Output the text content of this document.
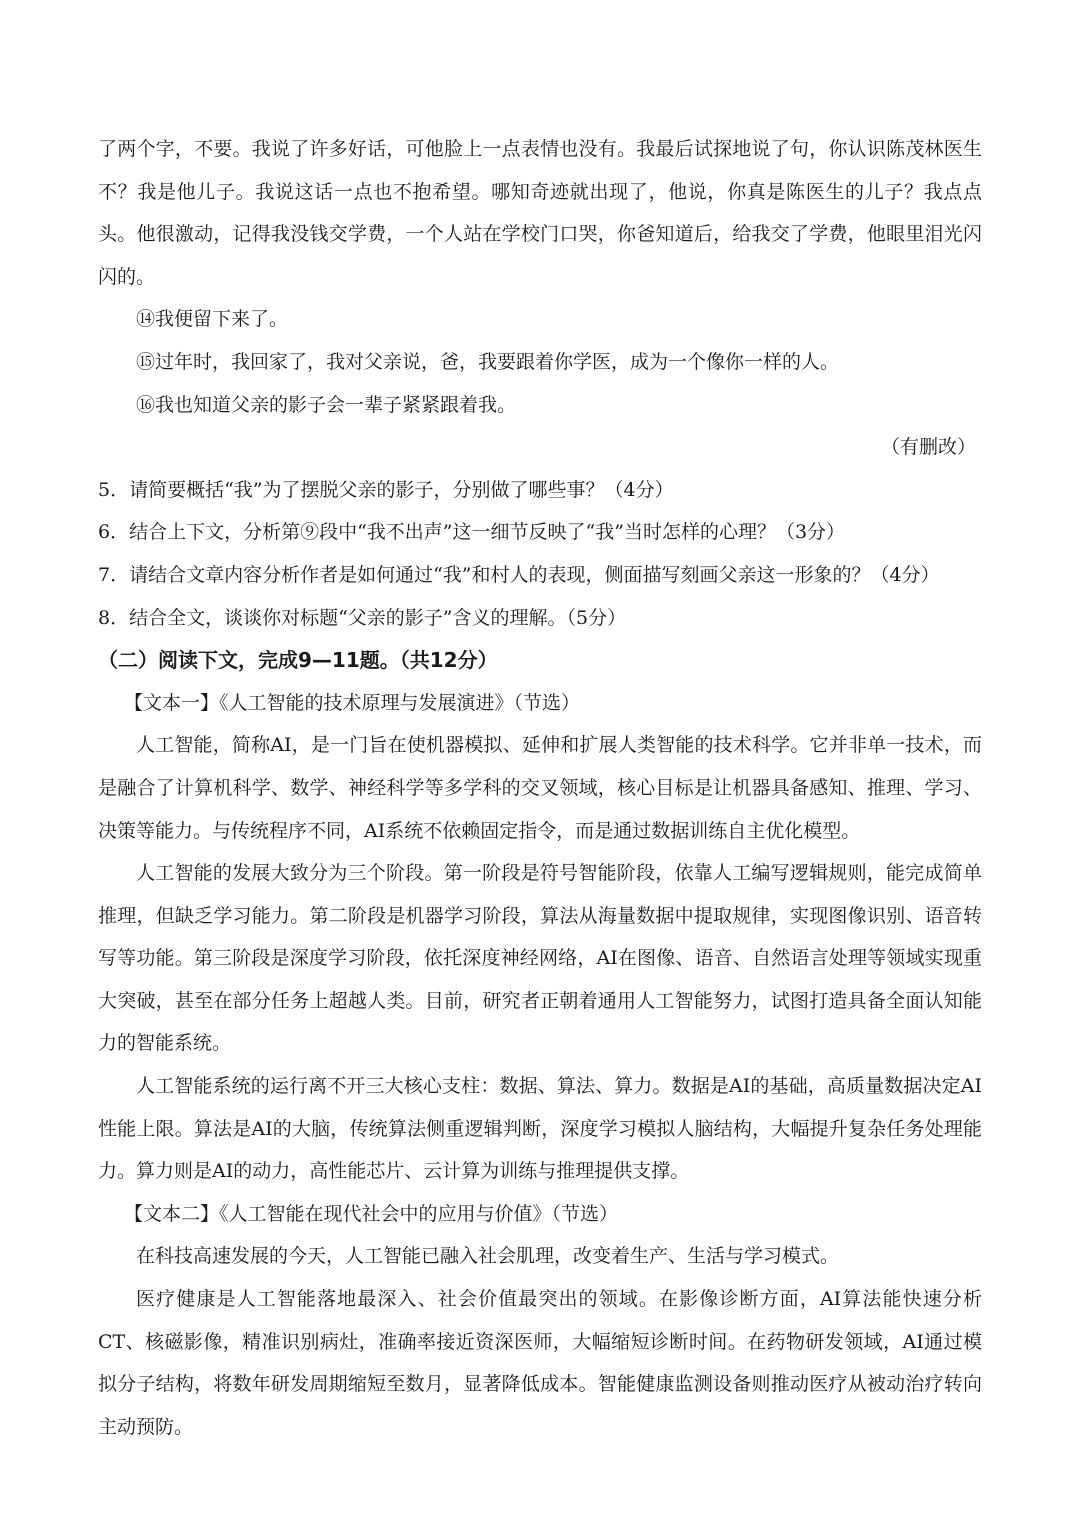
了两个字，不要。我说了许多好话，可他脸上一点表情也没有。我最后试探地说了句，你认识陈茂林医生不？我是他儿子。我说这话一点也不抱希望。哪知奇迹就出现了，他说，你真是陈医生的儿子？我点点头。他很激动，记得我没钱交学费，一个人站在学校门口哭，你爸知道后，给我交了学费，他眼里泪光闪闪的。

⑭我便留下来了。

⑮过年时，我回家了，我对父亲说，爸，我要跟着你学医，成为一个像你一样的人。

⑯我也知道父亲的影子会一辈子紧紧跟着我。

（有删改）

5．请简要概括“我”为了摆脱父亲的影子，分别做了哪些事？（4分）

6．结合上下文，分析第⑨段中“我不出声”这一细节反映了“我”当时怎样的心理？（3分）

7．请结合文章内容分析作者是如何通过“我”和村人的表现，侧面描写刻画父亲这一形象的？（4分）

8．结合全文，谈谈你对标题“父亲的影子”含义的理解。（5分）

（二）阅读下文，完成9—11题。（共12分）

【文本一】《人工智能的技术原理与发展演进》（节选）

人工智能，简称AI，是一门旨在使机器模拟、延伸和扩展人类智能的技术科学。它并非单一技术，而是融合了计算机科学、数学、神经科学等多学科的交叉领域，核心目标是让机器具备感知、推理、学习、决策等能力。与传统程序不同，AI系统不依赖固定指令，而是通过数据训练自主优化模型。

人工智能的发展大致分为三个阶段。第一阶段是符号智能阶段，依靠人工编写逻辑规则，能完成简单推理，但缺乏学习能力。第二阶段是机器学习阶段，算法从海量数据中提取规律，实现图像识别、语音转写等功能。第三阶段是深度学习阶段，依托深度神经网络，AI在图像、语音、自然语言处理等领域实现重大突破，甚至在部分任务上超越人类。目前，研究者正朝着通用人工智能努力，试图打造具备全面认知能力的智能系统。

人工智能系统的运行离不开三大核心支柱：数据、算法、算力。数据是AI的基础，高质量数据决定AI性能上限。算法是AI的大脑，传统算法侧重逻辑判断，深度学习模拟人脑结构，大幅提升复杂任务处理能力。算力则是AI的动力，高性能芯片、云计算为训练与推理提供支撑。

【文本二】《人工智能在现代社会中的应用与价值》（节选）

在科技高速发展的今天，人工智能已融入社会肌理，改变着生产、生活与学习模式。

医疗健康是人工智能落地最深入、社会价值最突出的领域。在影像诊断方面，AI算法能快速分析CT、核磁影像，精准识别病灶，准确率接近资深医师，大幅缩短诊断时间。在药物研发领域，AI通过模拟分子结构，将数年研发周期缩短至数月，显著降低成本。智能健康监测设备则推动医疗从被动治疗转向主动预防。
